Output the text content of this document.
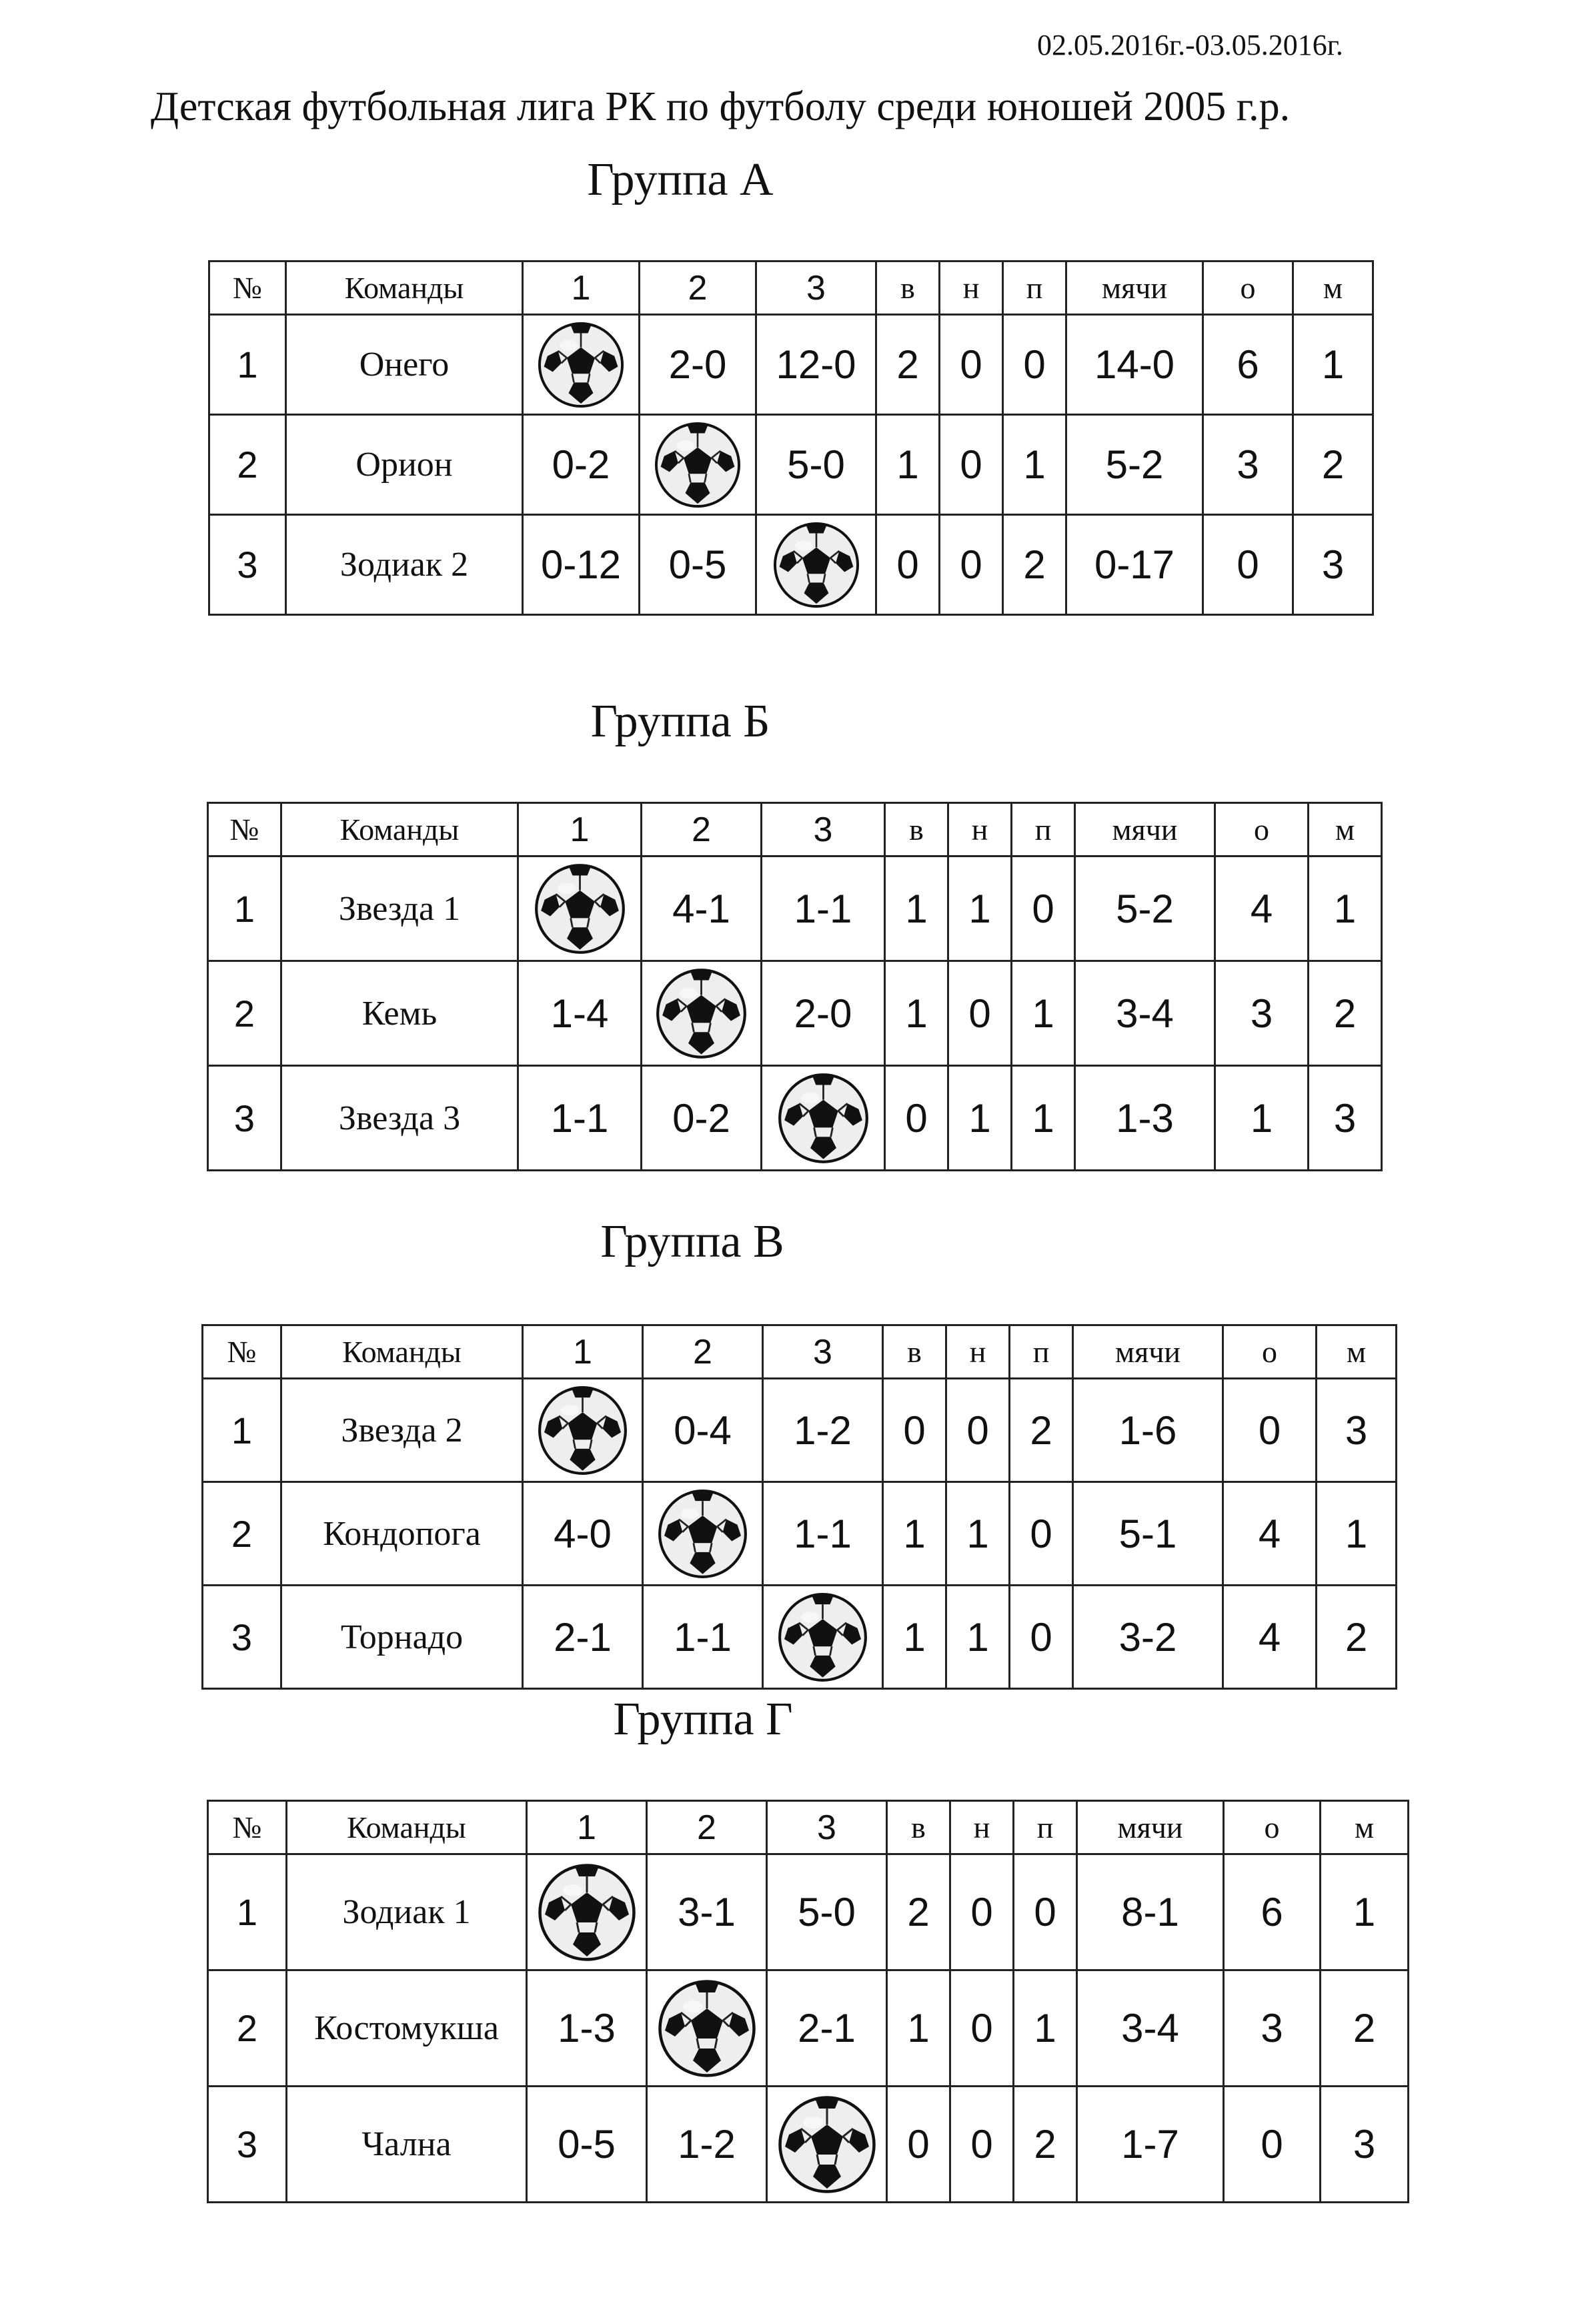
02.05.2016г.-03.05.2016г.
Детская футбольная лига РК по футболу среди юношей 2005 г.р.
Группа А
№	Команды	1	2	3	в	н	п	мячи	о	м
1	Онего		2-0	12-0	2	0	0	14-0	6	1
2	Орион	0-2		5-0	1	0	1	5-2	3	2
3	Зодиак 2	0-12	0-5		0	0	2	0-17	0	3
Группа Б
№	Команды	1	2	3	в	н	п	мячи	о	м
1	Звезда 1		4-1	1-1	1	1	0	5-2	4	1
2	Кемь	1-4		2-0	1	0	1	3-4	3	2
3	Звезда 3	1-1	0-2		0	1	1	1-3	1	3
Группа В
№	Команды	1	2	3	в	н	п	мячи	о	м
1	Звезда 2		0-4	1-2	0	0	2	1-6	0	3
2	Кондопога	4-0		1-1	1	1	0	5-1	4	1
3	Торнадо	2-1	1-1		1	1	0	3-2	4	2
Группа Г
№	Команды	1	2	3	в	н	п	мячи	о	м
1	Зодиак 1		3-1	5-0	2	0	0	8-1	6	1
2	Костомукша	1-3		2-1	1	0	1	3-4	3	2
3	Чална	0-5	1-2		0	0	2	1-7	0	3
